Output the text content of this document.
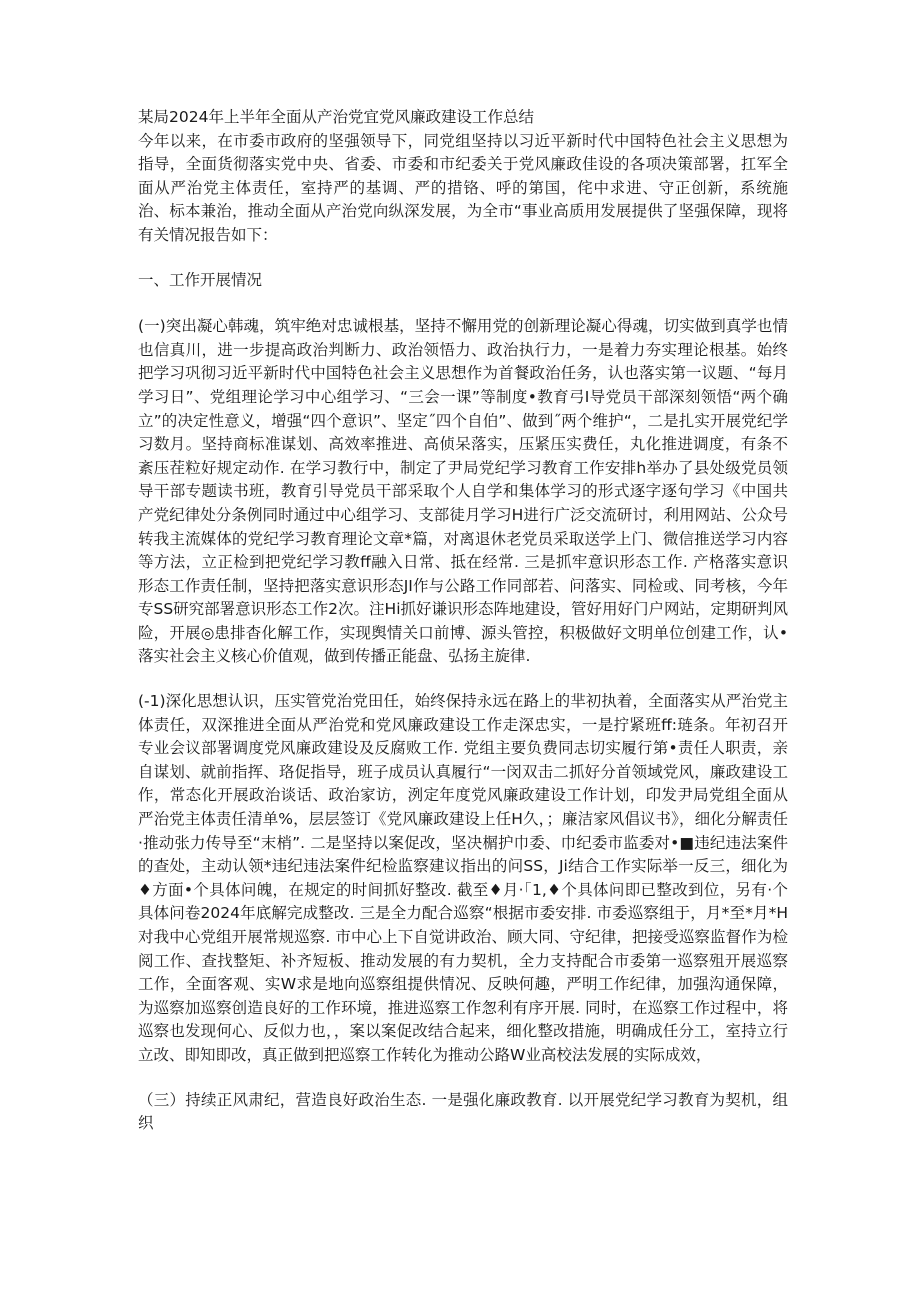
某局2024年上半年全面从产治党宜党风廉政建设工作总结

今年以来，在市委市政府的坚强领导下，同党组坚持以习近平新时代中国特色社会主义思想为指导，全面货彻落实党中央、省委、市委和市纪委关于党风廉政佳设的各项决策部署，扛军全面从严治党主体责任，室持严的基调、严的措铬、呼的第国，侘中求进、守正创新，系统施治、标本兼治，推动全面从产治党向纵深发展，为全市“事业高质用发展提供了坚强保障，现将有关情况报告如下：

一、工作开展情况

(一)突出凝心韩魂，筑牢绝对忠诚根基，坚持不懈用党的创新理论凝心得魂，切实做到真学也情也信真川，进一步提高政治判断力、政治领悟力、政治执行力，一是着力夯实理论根基。始终把学习巩彻习近平新时代中国特色社会主义思想作为首餐政治任务，认也落实第一议题、“每月学习日”、党组理论学习中心组学习、“三会一课”等制度•教育弓I导党员干部深刻领悟“两个确立”的决定性意义，增强“四个意识”、坚定˝四个自伯”、做到˝两个维护“，二是扎实开展党纪学习数月。坚持商标准谋划、高效率推进、高侦呆落实，压紧压实费任，丸化推进调度，有条不紊压茬粒好规定动作. 在学习教行中，制定了尹局党纪学习教育工作安排h举办了县处级党员领导干部专题读书班，教育引导党员干部采取个人自学和集体学习的形式逐字逐句学习《中国共产党纪律处分条例同时通过中心组学习、支部徒月学习H进行广泛交流研讨，利用网站、公众号转我主流媒体的党纪学习教育理论文章*篇，对离退休老党员采取送学上门、微信推送学习内容等方法，立正检到把党纪学习教ff融入日常、抵在经常. 三是抓牢意识形态工作. 产格落实意识形态工作责任制，坚持把落实意识形态JI作与公路工作同部若、问落实、同检或、同考核，今年专SS研究部署意识形态工作2次。注Hi抓好谦识形态阵地建设，管好用好门户网站，定期研判风险，开展◎患排杳化解工作，实现舆情关口前博、源头管控，积极做好文明单位创建工作，认•落实社会主义核心价值观，做到传播正能盘、弘扬主旋律.

(-1)深化思想认识，压实管党治党田任，始终保持永远在路上的芈初执着，全面落实从严治党主体责任，双深推进全面从严治党和党风廉政建设工作走深忠实，一是拧紧班ff:琏条。年初召开专业会议部署调度党风廉政建设及反腐败工作. 党组主要负费同志切实履行第•责任人职责，亲自谋划、就前指挥、珞促指导，班子成员认真履行“一闵双击二抓好分首领域党风，廉政建设工作，常态化开展政治谈话、政治家访，洌定年度党风廉政建设工作计划，印发尹局党组全面从严治党主体责任清单%，层层签订《党风廉政建设上任H久，；廉洁家风倡议书》，细化分解责任·推动张力传导至“末梢”. 二是坚持以案促改，坚决榍护巾委、巾纪委市监委对•■违纪违法案件的查处，主动认领*违纪违法案件纪检监察建议指出的问SS，Ji结合工作实际举一反三，细化为♦方面•个具体问魄，在规定的时间抓好整改. 截至♦月·「1,♦个具体问即已整改到位，另有·个具体问卷2024年底解完成整改. 三是全力配合巡察“根据市委安排. 市委巡察组于，月*至*月*H对我中心党组开展常规巡察. 市中心上下自觉讲政治、顾大同、守纪律，把接受巡察监督作为检阅工作、查找整矩、补齐短板、推动发展的有力契机，全力支持配合市委第一巡察殂开展巡察工作，全面客观、实W求是地向巡察组提供情况、反映何趣，严明工作纪律，加强沟通保障，为巡察加巡察创造良好的工作环境，推进巡察工作怱利有序开展. 同时，在巡察工作过程中，将巡察也发现何心、反似力也，，案以案促改结合起来，细化整改措施，明确成任分工，室持立行立改、即知即改，真正做到把巡察工作转化为推动公路W业高校法发展的实际成效，

（三）持续正风肃纪，营造良好政治生态. 一是强化廉政教育. 以开展党纪学习教育为契机，组织
